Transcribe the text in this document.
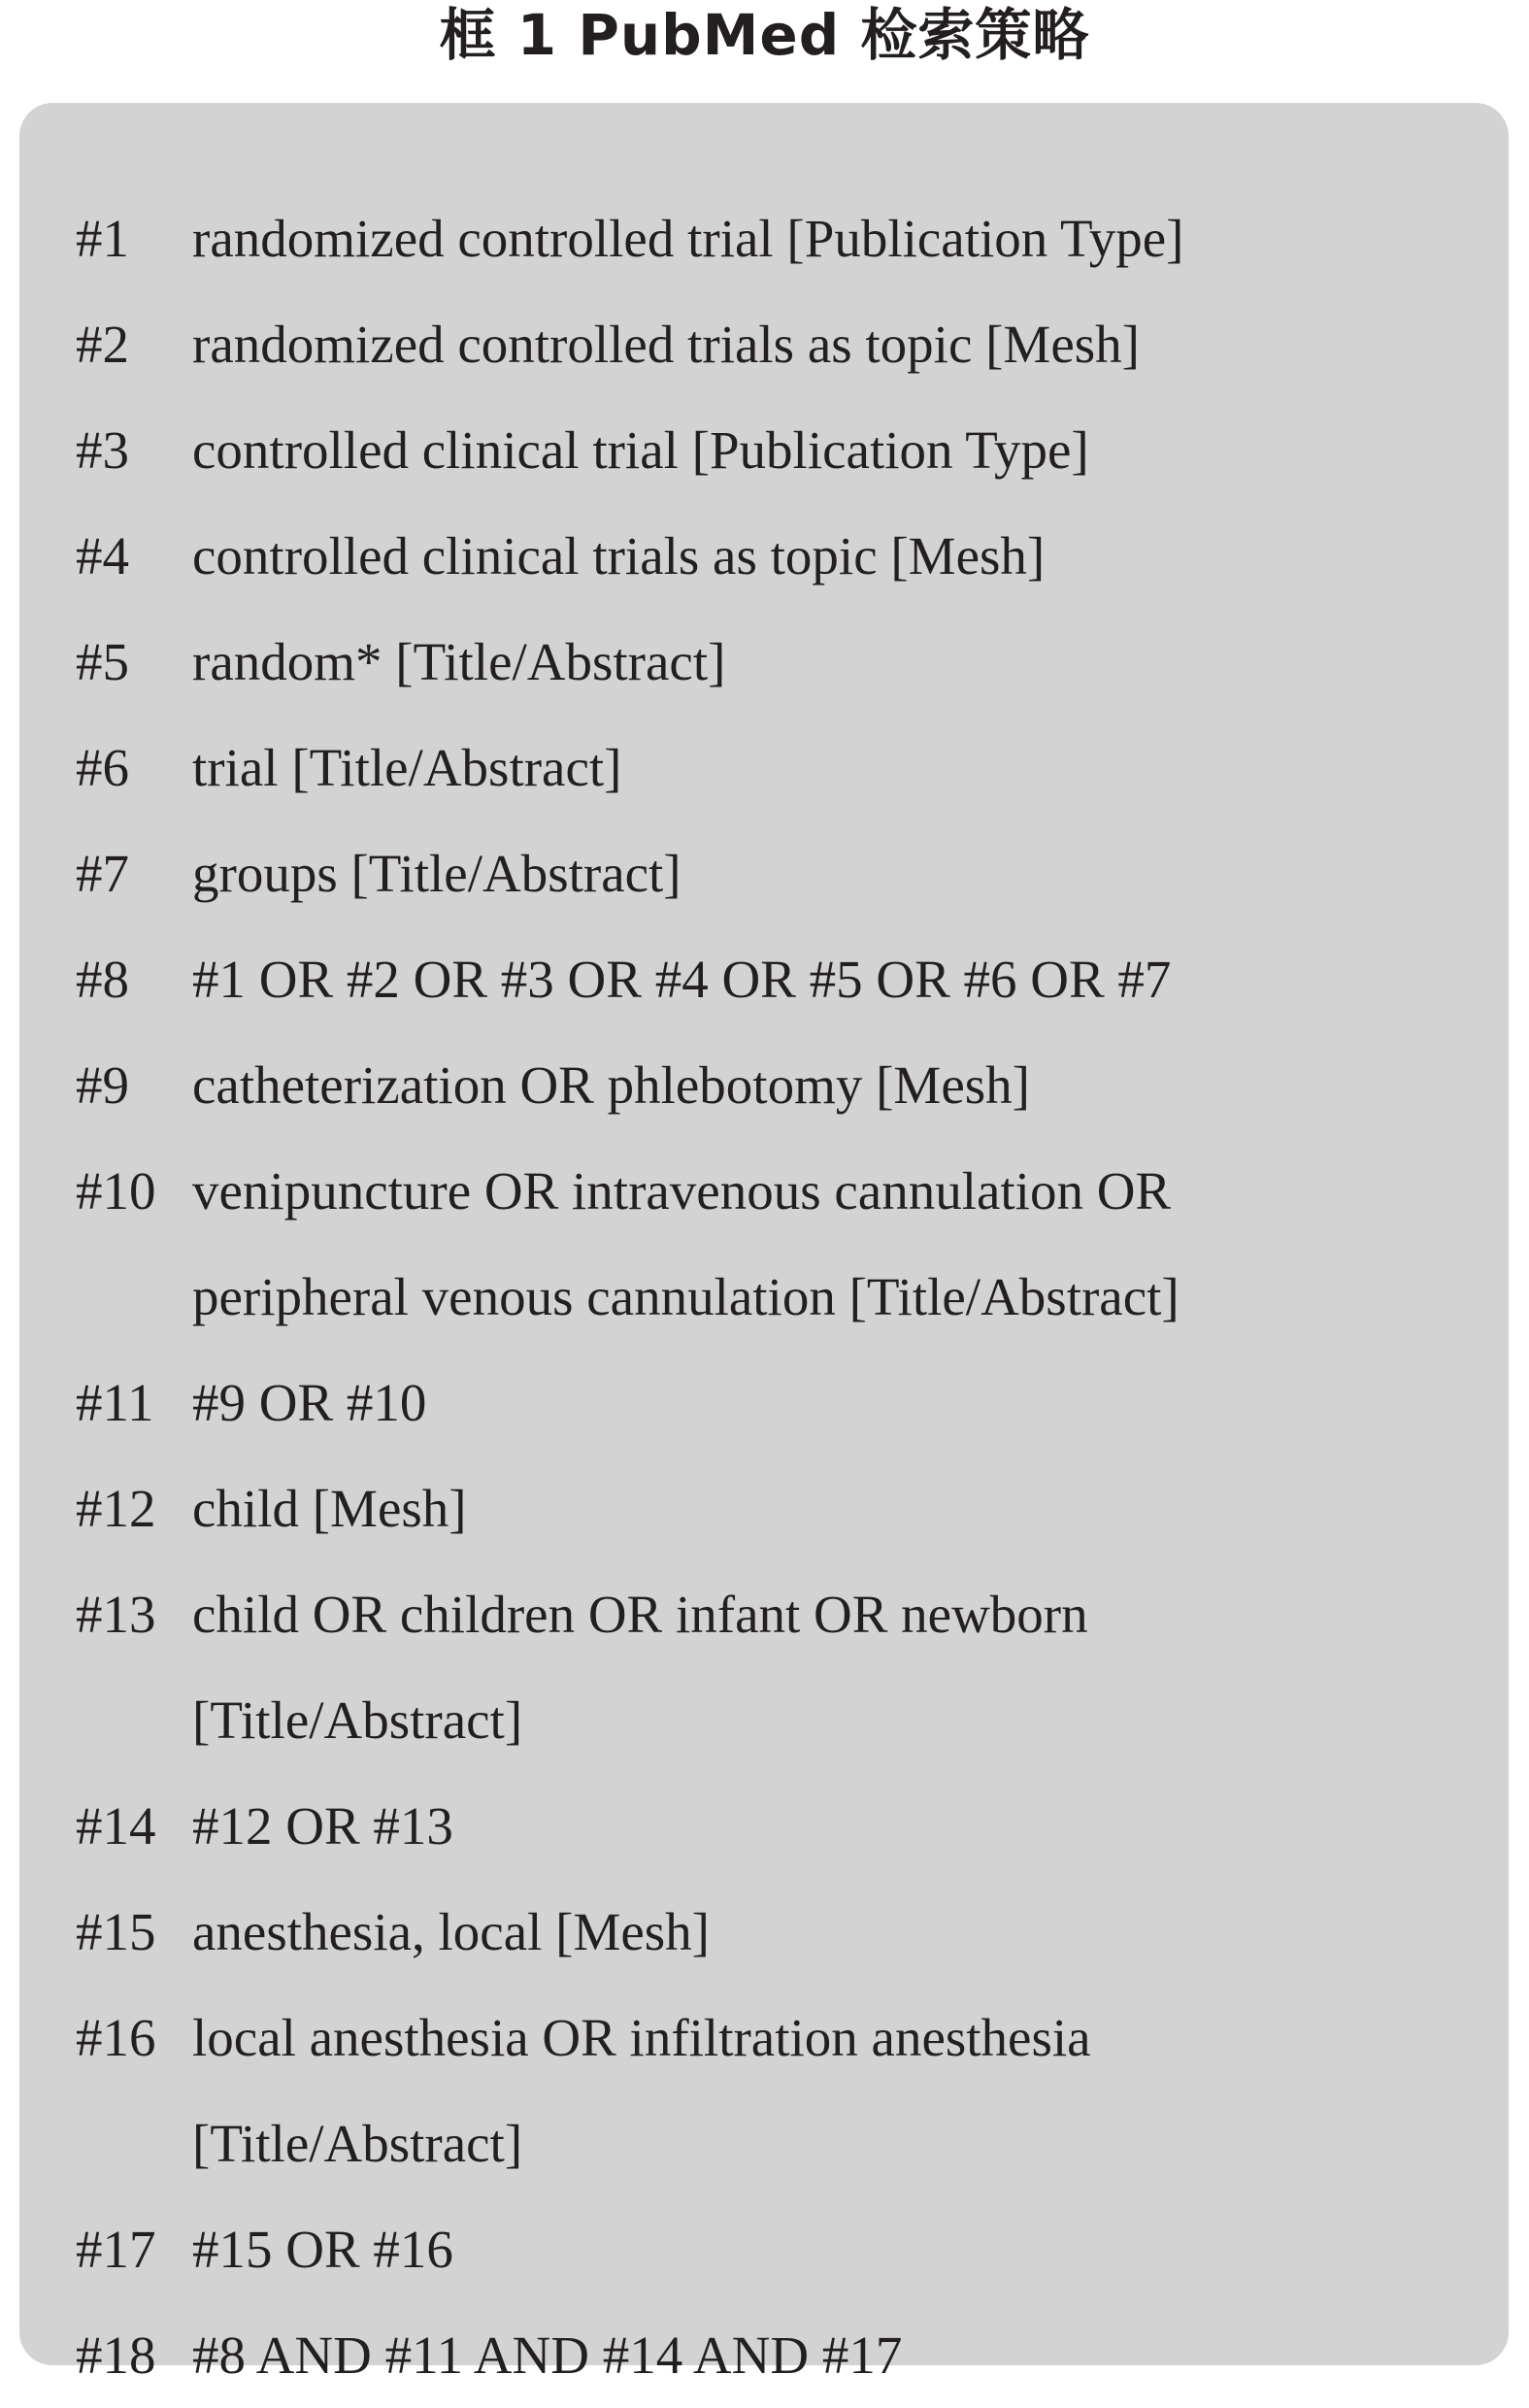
框 1 PubMed 检索策略
#1 randomized controlled trial [Publication Type]
#2 randomized controlled trials as topic [Mesh]
#3 controlled clinical trial [Publication Type]
#4 controlled clinical trials as topic [Mesh]
#5 random* [Title/Abstract]
#6 trial [Title/Abstract]
#7 groups [Title/Abstract]
#8 #1 OR #2 OR #3 OR #4 OR #5 OR #6 OR #7
#9 catheterization OR phlebotomy [Mesh]
#10 venipuncture OR intravenous cannulation OR
peripheral venous cannulation [Title/Abstract]
#11 #9 OR #10
#12 child [Mesh]
#13 child OR children OR infant OR newborn
[Title/Abstract]
#14 #12 OR #13
#15 anesthesia, local [Mesh]
#16 local anesthesia OR infiltration anesthesia
[Title/Abstract]
#17 #15 OR #16
#18 #8 AND #11 AND #14 AND #17
